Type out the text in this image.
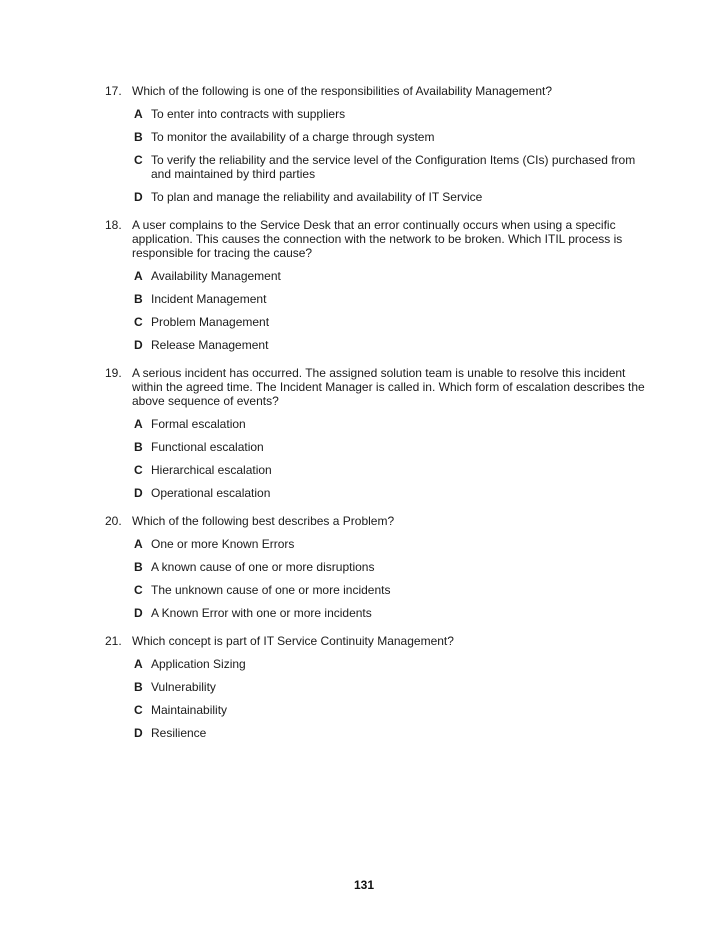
17. Which of the following is one of the responsibilities of Availability Management?
A To enter into contracts with suppliers
B To monitor the availability of a charge through system
C To verify the reliability and the service level of the Configuration Items (CIs) purchased from and maintained by third parties
D To plan and manage the reliability and availability of IT Service
18. A user complains to the Service Desk that an error continually occurs when using a specific application. This causes the connection with the network to be broken. Which ITIL process is responsible for tracing the cause?
A Availability Management
B Incident Management
C Problem Management
D Release Management
19. A serious incident has occurred. The assigned solution team is unable to resolve this incident within the agreed time. The Incident Manager is called in. Which form of escalation describes the above sequence of events?
A Formal escalation
B Functional escalation
C Hierarchical escalation
D Operational escalation
20. Which of the following best describes a Problem?
A One or more Known Errors
B A known cause of one or more disruptions
C The unknown cause of one or more incidents
D A Known Error with one or more incidents
21. Which concept is part of IT Service Continuity Management?
A Application Sizing
B Vulnerability
C Maintainability
D Resilience
131
